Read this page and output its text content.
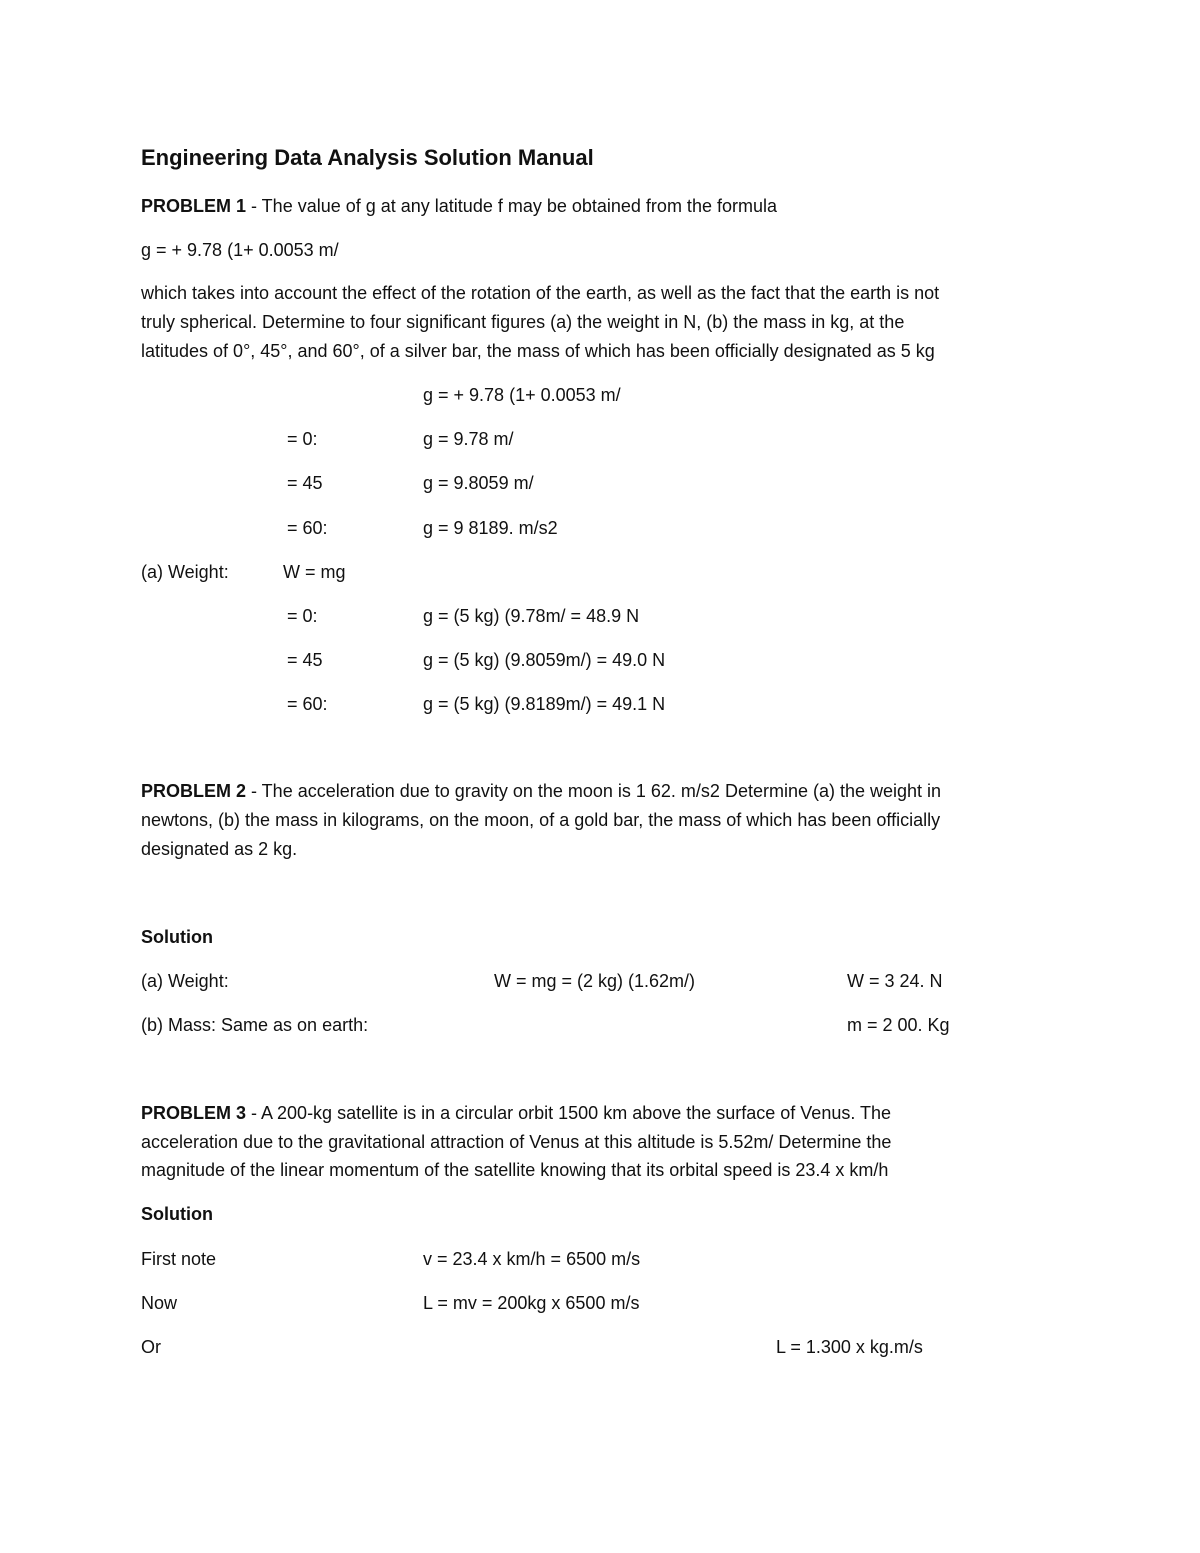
Engineering Data Analysis Solution Manual
PROBLEM 1 - The value of g at any latitude f may be obtained from the formula
g = + 9.78 (1+ 0.0053 m/
which takes into account the effect of the rotation of the earth, as well as the fact that the earth is not
truly spherical. Determine to four significant figures (a) the weight in N, (b) the mass in kg, at the
latitudes of 0°, 45°, and 60°, of a silver bar, the mass of which has been officially designated as 5 kg
g = + 9.78 (1+ 0.0053 m/
= 0:	g = 9.78 m/
= 45	g = 9.8059 m/
= 60:	g = 9 8189. m/s2
(a) Weight:	W = mg
= 0:	g = (5 kg) (9.78m/ = 48.9 N
= 45	g = (5 kg) (9.8059m/) = 49.0 N
= 60:	g = (5 kg) (9.8189m/) = 49.1 N
PROBLEM 2 - The acceleration due to gravity on the moon is 1 62. m/s2 Determine (a) the weight in
newtons, (b) the mass in kilograms, on the moon, of a gold bar, the mass of which has been officially
designated as 2 kg.
Solution
(a) Weight:	W = mg = (2 kg) (1.62m/)	W = 3 24. N
(b) Mass: Same as on earth:	m = 2 00. Kg
PROBLEM 3 - A 200-kg satellite is in a circular orbit 1500 km above the surface of Venus. The
acceleration due to the gravitational attraction of Venus at this altitude is 5.52m/ Determine the
magnitude of the linear momentum of the satellite knowing that its orbital speed is 23.4 x km/h
Solution
First note	v = 23.4 x km/h = 6500 m/s
Now	L = mv = 200kg x 6500 m/s
Or	L = 1.300 x kg.m/s
